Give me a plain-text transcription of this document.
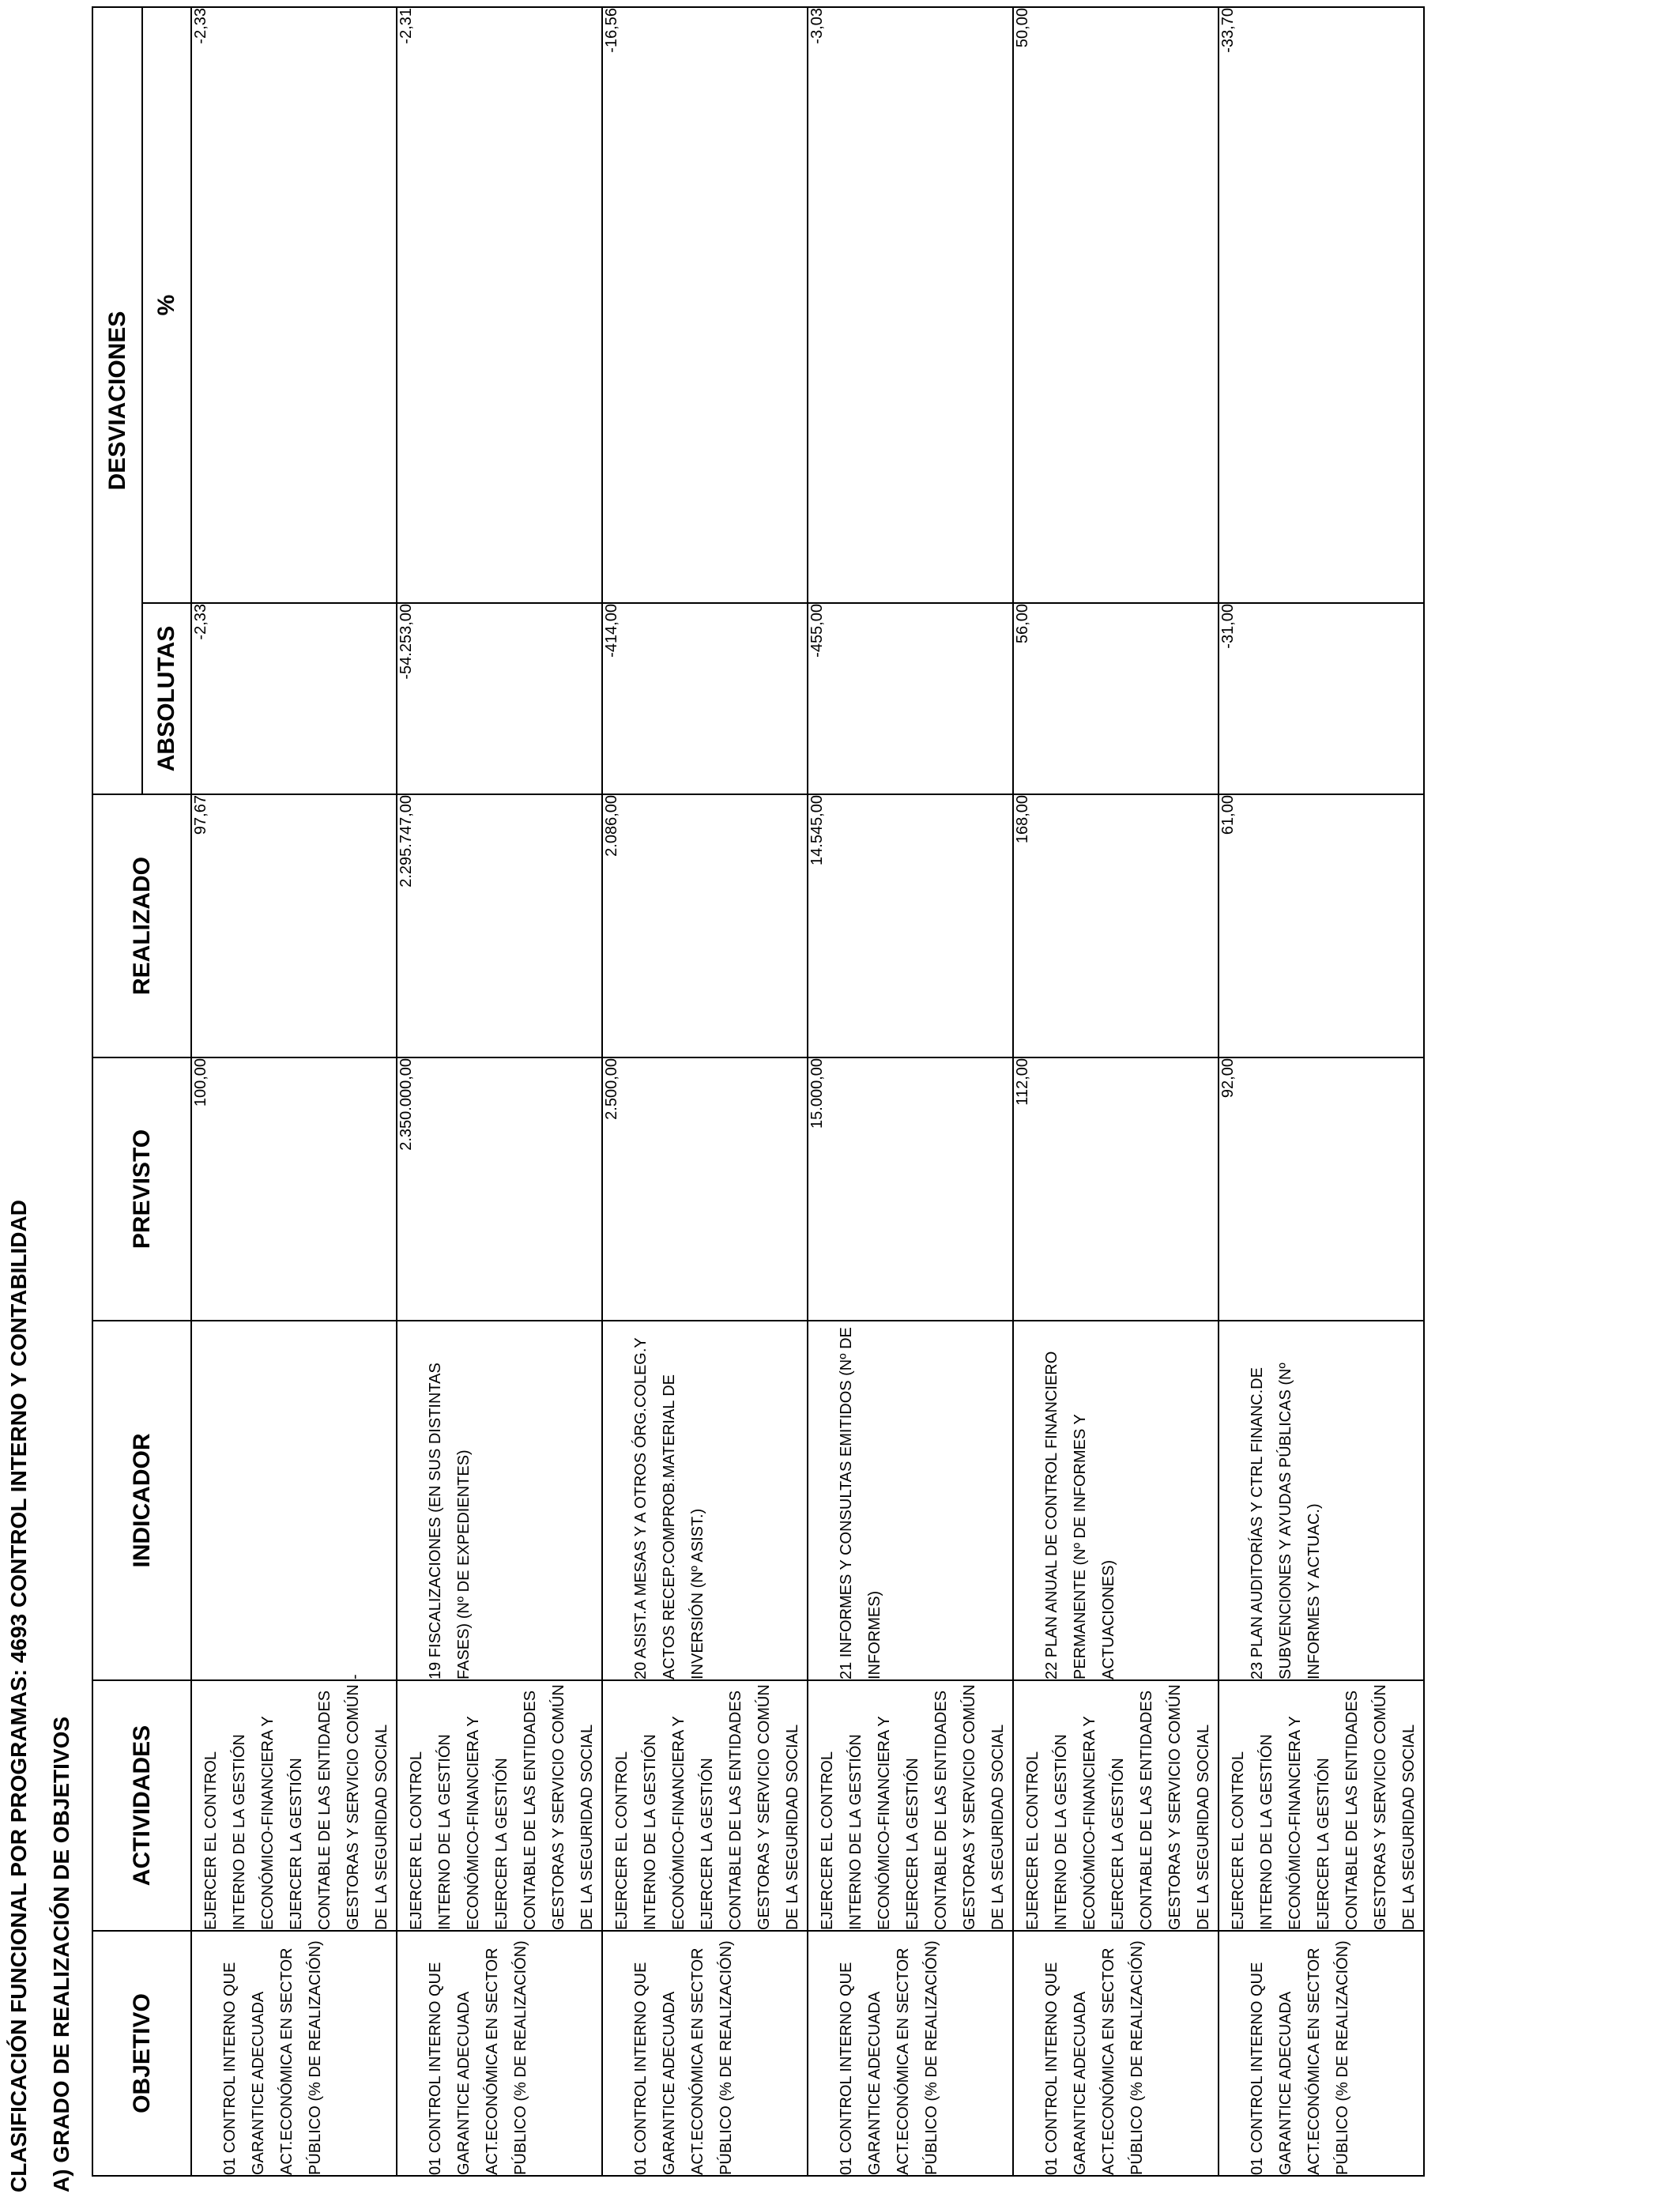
CLASIFICACIÓN FUNCIONAL POR PROGRAMAS: 4693 CONTROL INTERNO Y CONTABILIDAD A) GRADO DE REALIZACIÓN DE OBJETIVOS OBJETIVO	ACTIVIDADES	INDICADOR	PREVISTO	REALIZADO	DESVIACIONES	
					ABSOLUTAS	%
01 CONTROL INTERNO QUE GARANTICE ADECUADA ACT.ECONÓMICA EN SECTOR PÚBLICO (% DE REALIZACIÓN)	EJERCER EL CONTROL INTERNO DE LA GESTIÓN ECONÓMICO-FINANCIERA Y EJERCER LA GESTIÓN CONTABLE DE LAS ENTIDADES GESTORAS Y SERVICIO COMÚN DE LA SEGURIDAD SOCIAL	-	100,00	97,67	-2,33	-2,33
01 CONTROL INTERNO QUE GARANTICE ADECUADA ACT.ECONÓMICA EN SECTOR PÚBLICO (% DE REALIZACIÓN)	EJERCER EL CONTROL INTERNO DE LA GESTIÓN ECONÓMICO-FINANCIERA Y EJERCER LA GESTIÓN CONTABLE DE LAS ENTIDADES GESTORAS Y SERVICIO COMÚN DE LA SEGURIDAD SOCIAL	19 FISCALIZACIONES (EN SUS DISTINTAS FASES) (Nº DE EXPEDIENTES)	2.350.000,00	2.295.747,00	-54.253,00	-2,31
01 CONTROL INTERNO QUE GARANTICE ADECUADA ACT.ECONÓMICA EN SECTOR PÚBLICO (% DE REALIZACIÓN)	EJERCER EL CONTROL INTERNO DE LA GESTIÓN ECONÓMICO-FINANCIERA Y EJERCER LA GESTIÓN CONTABLE DE LAS ENTIDADES GESTORAS Y SERVICIO COMÚN DE LA SEGURIDAD SOCIAL	20 ASIST.A MESAS Y A OTROS ÓRG.COLEG.Y ACTOS RECEP.COMPROB.MATERIAL DE INVERSIÓN (Nº ASIST.)	2.500,00	2.086,00	-414,00	-16,56
01 CONTROL INTERNO QUE GARANTICE ADECUADA ACT.ECONÓMICA EN SECTOR PÚBLICO (% DE REALIZACIÓN)	EJERCER EL CONTROL INTERNO DE LA GESTIÓN ECONÓMICO-FINANCIERA Y EJERCER LA GESTIÓN CONTABLE DE LAS ENTIDADES GESTORAS Y SERVICIO COMÚN DE LA SEGURIDAD SOCIAL	21 INFORMES Y CONSULTAS EMITIDOS (Nº DE INFORMES)	15.000,00	14.545,00	-455,00	-3,03
01 CONTROL INTERNO QUE GARANTICE ADECUADA ACT.ECONÓMICA EN SECTOR PÚBLICO (% DE REALIZACIÓN)	EJERCER EL CONTROL INTERNO DE LA GESTIÓN ECONÓMICO-FINANCIERA Y EJERCER LA GESTIÓN CONTABLE DE LAS ENTIDADES GESTORAS Y SERVICIO COMÚN DE LA SEGURIDAD SOCIAL	22 PLAN ANUAL DE CONTROL FINANCIERO PERMANENTE (Nº DE INFORMES Y ACTUACIONES)	112,00	168,00	56,00	50,00
01 CONTROL INTERNO QUE GARANTICE ADECUADA ACT.ECONÓMICA EN SECTOR PÚBLICO (% DE REALIZACIÓN)	EJERCER EL CONTROL INTERNO DE LA GESTIÓN ECONÓMICO-FINANCIERA Y EJERCER LA GESTIÓN CONTABLE DE LAS ENTIDADES GESTORAS Y SERVICIO COMÚN DE LA SEGURIDAD SOCIAL	23 PLAN AUDITORÍAS Y CTRL FINANC.DE SUBVENCIONES Y AYUDAS PÚBLICAS (Nº INFORMES Y ACTUAC.)	92,00	61,00	-31,00	-33,70
